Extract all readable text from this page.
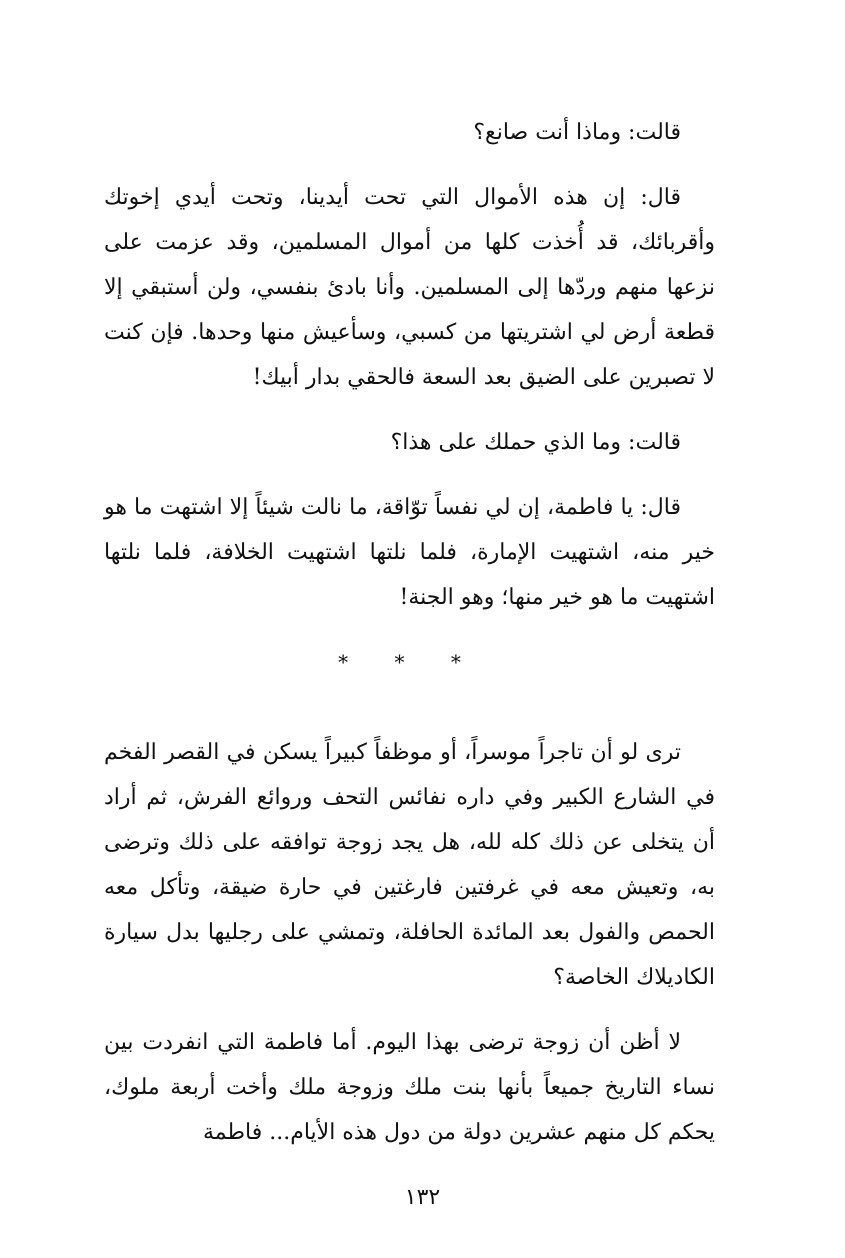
قالت: وماذا أنت صانع؟

قال: إن هذه الأموال التي تحت أيدينا، وتحت أيدي إخوتك وأقربائك، قد أُخذت كلها من أموال المسلمين، وقد عزمت على نزعها منهم وردّها إلى المسلمين. وأنا بادئ بنفسي، ولن أستبقي إلا قطعة أرض لي اشتريتها من كسبي، وسأعيش منها وحدها. فإن كنت لا تصبرين على الضيق بعد السعة فالحقي بدار أبيك!

قالت: وما الذي حملك على هذا؟

قال: يا فاطمة، إن لي نفساً توّاقة، ما نالت شيئاً إلا اشتهت ما هو خير منه، اشتهيت الإمارة، فلما نلتها اشتهيت الخلافة، فلما نلتها اشتهيت ما هو خير منها؛ وهو الجنة!

* * *

ترى لو أن تاجراً موسراً، أو موظفاً كبيراً يسكن في القصر الفخم في الشارع الكبير وفي داره نفائس التحف وروائع الفرش، ثم أراد أن يتخلى عن ذلك كله لله، هل يجد زوجة توافقه على ذلك وترضى به، وتعيش معه في غرفتين فارغتين في حارة ضيقة، وتأكل معه الحمص والفول بعد المائدة الحافلة، وتمشي على رجليها بدل سيارة الكاديلاك الخاصة؟

لا أظن أن زوجة ترضى بهذا اليوم. أما فاطمة التي انفردت بين نساء التاريخ جميعاً بأنها بنت ملك وزوجة ملك وأخت أربعة ملوك، يحكم كل منهم عشرين دولة من دول هذه الأيام... فاطمة

١٣٢
